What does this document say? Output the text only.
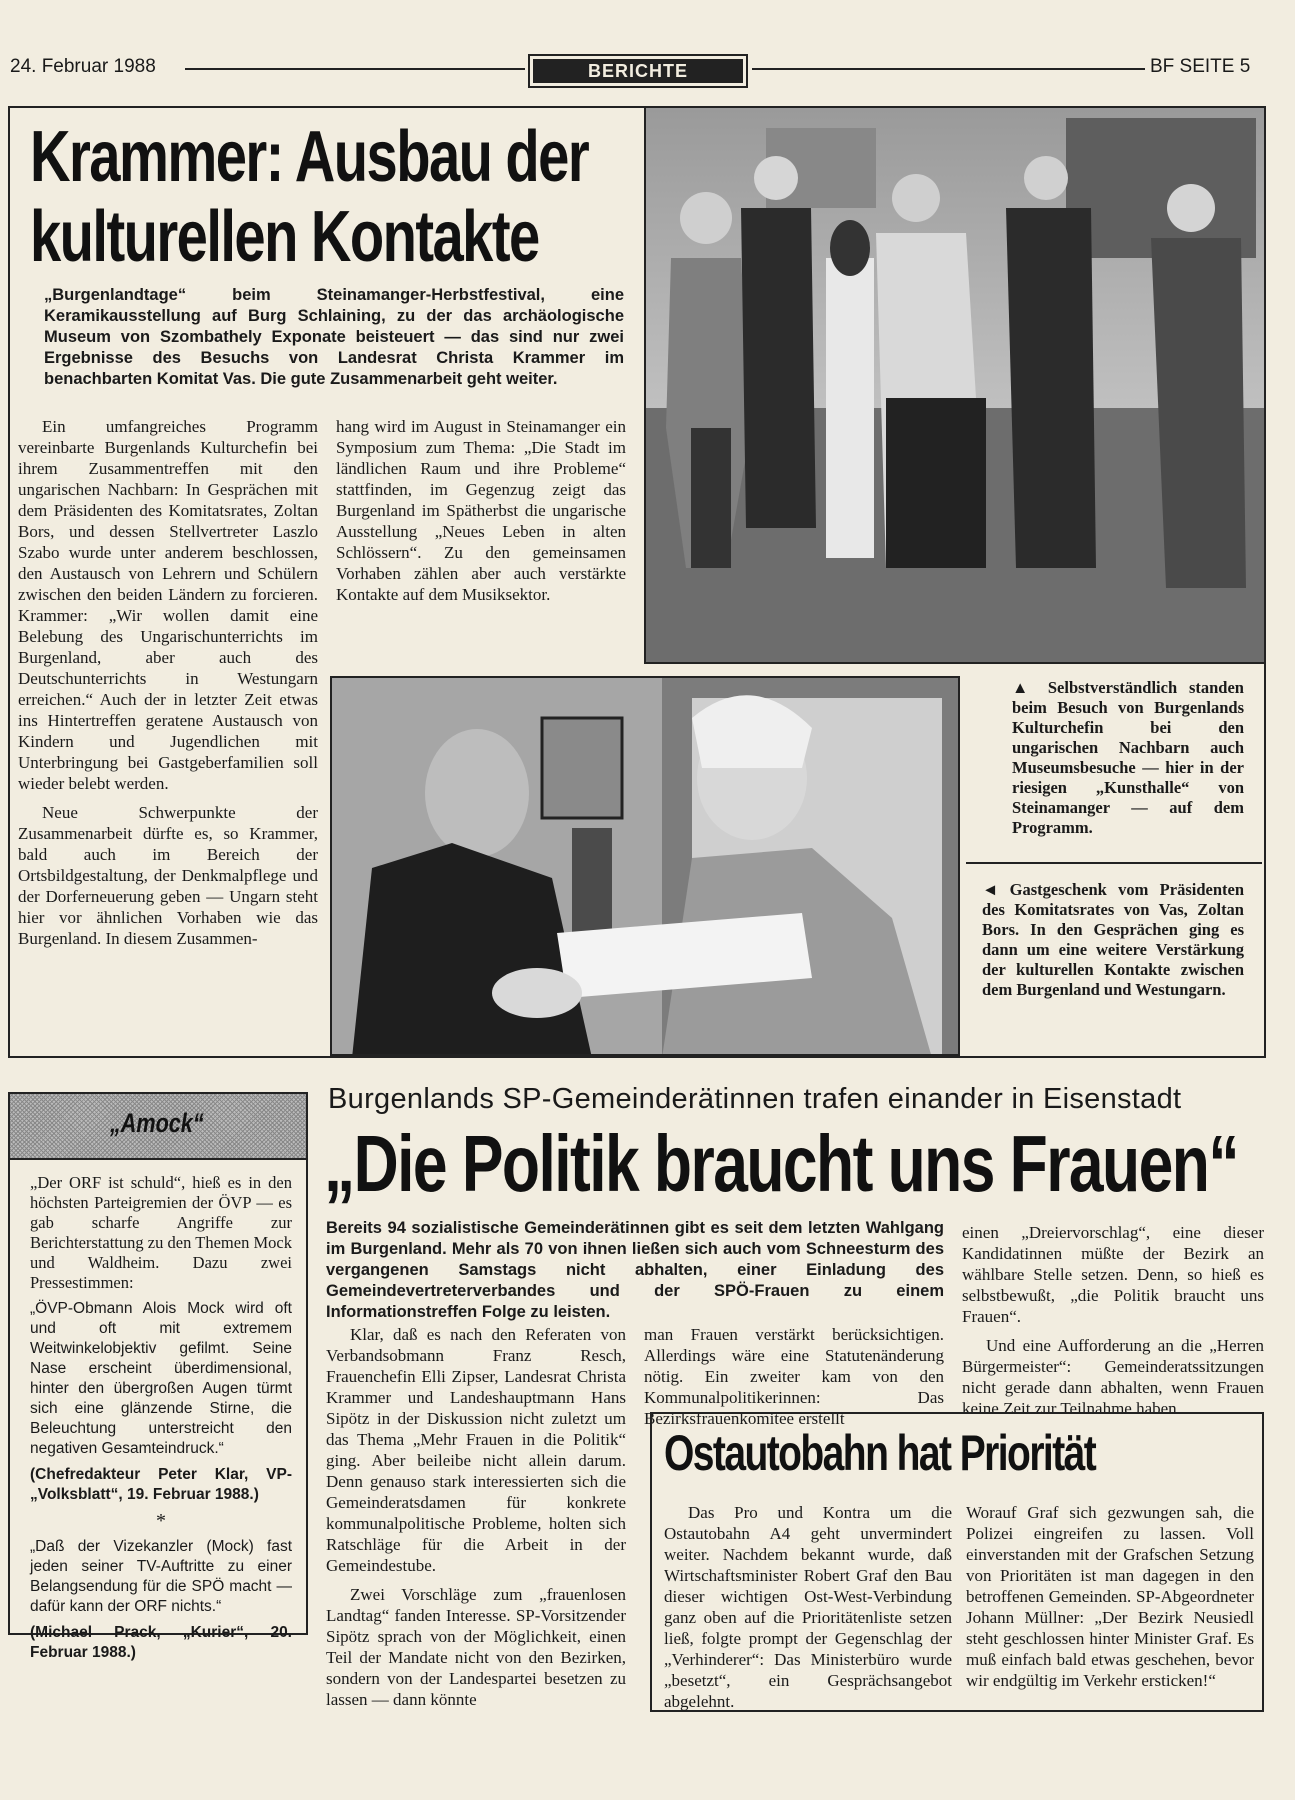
24. Februar 1988	BERICHTE	BF SEITE 5
Krammer: Ausbau der
kulturellen Kontakte
„Burgenlandtage“ beim Steinamanger-Herbstfestival, eine Keramikausstellung auf Burg Schlaining, zu der das archäologische Museum von Szombathely Exponate beisteuert — das sind nur zwei Ergebnisse des Besuchs von Landesrat Christa Krammer im benachbarten Komitat Vas. Die gute Zusammenarbeit geht weiter.

Ein umfangreiches Programm vereinbarte Burgenlands Kulturchefin bei ihrem Zusammentreffen mit den ungarischen Nachbarn: In Gesprächen mit dem Präsidenten des Komitatsrates, Zoltan Bors, und dessen Stellvertreter Laszlo Szabo wurde unter anderem beschlossen, den Austausch von Lehrern und Schülern zwischen den beiden Ländern zu forcieren. Krammer: „Wir wollen damit eine Belebung des Ungarischunterrichts im Burgenland, aber auch des Deutschunterrichts in Westungarn erreichen.“ Auch der in letzter Zeit etwas ins Hintertreffen geratene Austausch von Kindern und Jugendlichen mit Unterbringung bei Gastgeberfamilien soll wieder belebt werden.

Neue Schwerpunkte der Zusammenarbeit dürfte es, so Krammer, bald auch im Bereich der Ortsbildgestaltung, der Denkmalpflege und der Dorferneuerung geben — Ungarn steht hier vor ähnlichen Vorhaben wie das Burgenland. In diesem Zusammen-

hang wird im August in Steinamanger ein Symposium zum Thema: „Die Stadt im ländlichen Raum und ihre Probleme“ stattfinden, im Gegenzug zeigt das Burgenland im Spätherbst die ungarische Ausstellung „Neues Leben in alten Schlössern“. Zu den gemeinsamen Vorhaben zählen aber auch verstärkte Kontakte auf dem Musiksektor.

▲ Selbstverständlich standen beim Besuch von Burgenlands Kulturchefin bei den ungarischen Nachbarn auch Museumsbesuche — hier in der riesigen „Kunsthalle“ von Steinamanger — auf dem Programm.
◄ Gastgeschenk vom Präsidenten des Komitatsrates von Vas, Zoltan Bors. In den Gesprächen ging es dann um eine weitere Verstärkung der kulturellen Kontakte zwischen dem Burgenland und Westungarn.
„Amock“

„Der ORF ist schuld“, hieß es in den höchsten Parteigremien der ÖVP — es gab scharfe Angriffe zur Berichterstattung zu den Themen Mock und Waldheim. Dazu zwei Pressestimmen:

„ÖVP-Obmann Alois Mock wird oft und oft mit extremem Weitwinkelobjektiv gefilmt. Seine Nase erscheint überdimensional, hinter den übergroßen Augen türmt sich eine glänzende Stirne, die Beleuchtung unterstreicht den negativen Gesamteindruck.“

(Chefredakteur Peter Klar, VP-„Volksblatt“, 19. Februar 1988.)

*

„Daß der Vizekanzler (Mock) fast jeden seiner TV-Auftritte zu einer Belangsendung für die SPÖ macht — dafür kann der ORF nichts.“

(Michael Prack, „Kurier“, 20. Februar 1988.)

Burgenlands SP-Gemeinderätinnen trafen einander in Eisenstadt
„Die Politik braucht uns Frauen“
Bereits 94 sozialistische Gemeinderätinnen gibt es seit dem letzten Wahlgang im Burgenland. Mehr als 70 von ihnen ließen sich auch vom Schneesturm des vergangenen Samstags nicht abhalten, einer Einladung des Gemeindevertreterverbandes und der SPÖ-Frauen zu einem Informationstreffen Folge zu leisten.

Klar, daß es nach den Referaten von Verbandsobmann Franz Resch, Frauenchefin Elli Zipser, Landesrat Christa Krammer und Landeshauptmann Hans Sipötz in der Diskussion nicht zuletzt um das Thema „Mehr Frauen in die Politik“ ging. Aber beileibe nicht allein darum. Denn genauso stark interessierten sich die Gemeinderatsdamen für konkrete kommunalpolitische Probleme, holten sich Ratschläge für die Arbeit in der Gemeindestube.

Zwei Vorschläge zum „frauenlosen Landtag“ fanden Interesse. SP-Vorsitzender Sipötz sprach von der Möglichkeit, einen Teil der Mandate nicht von den Bezirken, sondern von der Landespartei besetzen zu lassen — dann könnte

man Frauen verstärkt berücksichtigen. Allerdings wäre eine Statutenänderung nötig. Ein zweiter kam von den Kommunalpolitikerinnen: Das Bezirksfrauenkomitee erstellt

einen „Dreiervorschlag“, eine dieser Kandidatinnen müßte der Bezirk an wählbare Stelle setzen. Denn, so hieß es selbstbewußt, „die Politik braucht uns Frauen“.

Und eine Aufforderung an die „Herren Bürgermeister“: Gemeinderatssitzungen nicht gerade dann abhalten, wenn Frauen keine Zeit zur Teilnahme haben ...

Ostautobahn hat Priorität

Das Pro und Kontra um die Ostautobahn A4 geht unvermindert weiter. Nachdem bekannt wurde, daß Wirtschaftsminister Robert Graf den Bau dieser wichtigen Ost-West-Verbindung ganz oben auf die Prioritätenliste setzen ließ, folgte prompt der Gegenschlag der „Verhinderer“: Das Ministerbüro wurde „besetzt“, ein Gesprächsangebot abgelehnt.

Worauf Graf sich gezwungen sah, die Polizei eingreifen zu lassen. Voll einverstanden mit der Grafschen Setzung von Prioritäten ist man dagegen in den betroffenen Gemeinden. SP-Abgeordneter Johann Müllner: „Der Bezirk Neusiedl steht geschlossen hinter Minister Graf. Es muß einfach bald etwas geschehen, bevor wir endgültig im Verkehr ersticken!“
